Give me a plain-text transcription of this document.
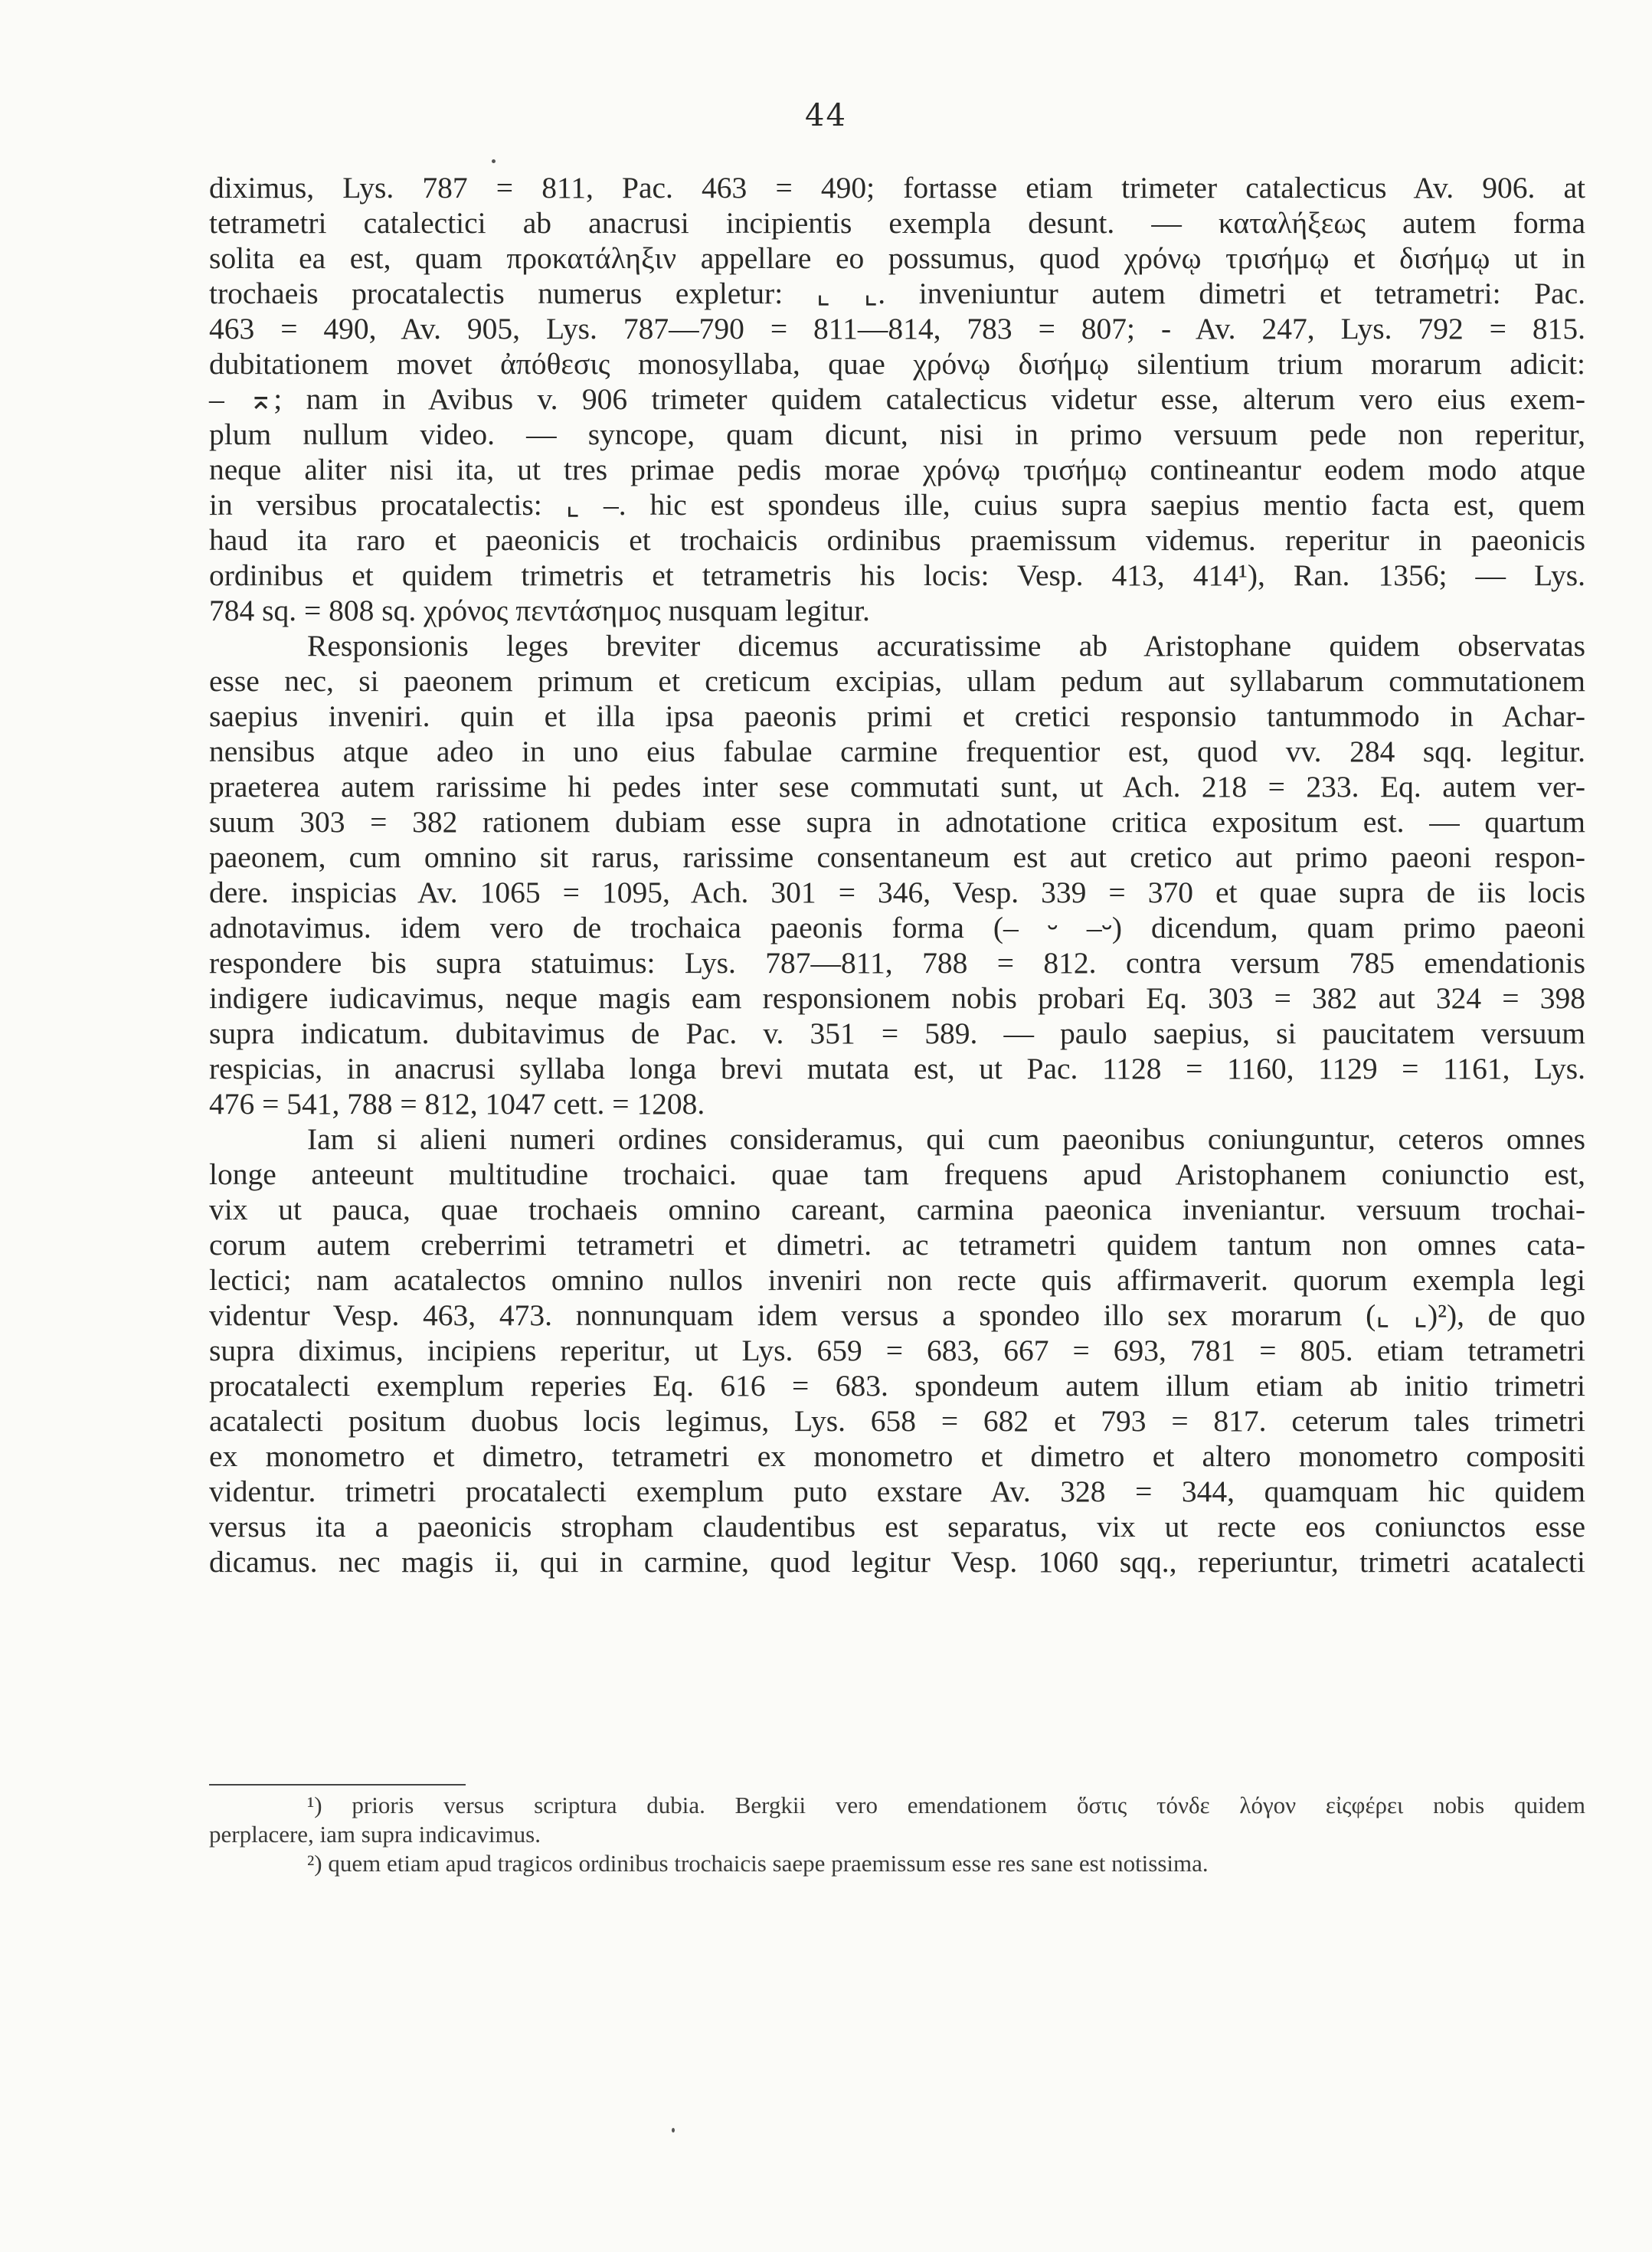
44
diximus, Lys. 787 = 811, Pac. 463 = 490; fortasse etiam trimeter catalecticus Av. 906. at
tetrametri catalectici ab anacrusi incipientis exempla desunt. — καταλήξεως autem forma
solita ea est, quam προκατάληξιν appellare eo possumus, quod χρόνῳ τρισήμῳ et δισήμῳ ut in
trochaeis procatalectis numerus expletur: ⌞ ⌞. inveniuntur autem dimetri et tetrametri: Pac.
463 = 490, Av. 905, Lys. 787—790 = 811—814, 783 = 807; - Av. 247, Lys. 792 = 815.
dubitationem movet ἀπόθεσις monosyllaba, quae χρόνῳ δισήμῳ silentium trium morarum adicit:
– ⌅; nam in Avibus v. 906 trimeter quidem catalecticus videtur esse, alterum vero eius exem-
plum nullum video. — syncope, quam dicunt, nisi in primo versuum pede non reperitur,
neque aliter nisi ita, ut tres primae pedis morae χρόνῳ τρισήμῳ contineantur eodem modo atque
in versibus procatalectis: ⌞ –. hic est spondeus ille, cuius supra saepius mentio facta est, quem
haud ita raro et paeonicis et trochaicis ordinibus praemissum videmus. reperitur in paeonicis
ordinibus et quidem trimetris et tetrametris his locis: Vesp. 413, 414¹), Ran. 1356; — Lys.
784 sq. = 808 sq. χρόνος πεντάσημος nusquam legitur.
Responsionis leges breviter dicemus accuratissime ab Aristophane quidem observatas
esse nec, si paeonem primum et creticum excipias, ullam pedum aut syllabarum commutationem
saepius inveniri. quin et illa ipsa paeonis primi et cretici responsio tantummodo in Achar-
nensibus atque adeo in uno eius fabulae carmine frequentior est, quod vv. 284 sqq. legitur.
praeterea autem rarissime hi pedes inter sese commutati sunt, ut Ach. 218 = 233. Eq. autem ver-
suum 303 = 382 rationem dubiam esse supra in adnotatione critica expositum est. — quartum
paeonem, cum omnino sit rarus, rarissime consentaneum est aut cretico aut primo paeoni respon-
dere. inspicias Av. 1065 = 1095, Ach. 301 = 346, Vesp. 339 = 370 et quae supra de iis locis
adnotavimus. idem vero de trochaica paeonis forma (– ⏑ –⏑) dicendum, quam primo paeoni
respondere bis supra statuimus: Lys. 787—811, 788 = 812. contra versum 785 emendationis
indigere iudicavimus, neque magis eam responsionem nobis probari Eq. 303 = 382 aut 324 = 398
supra indicatum. dubitavimus de Pac. v. 351 = 589. — paulo saepius, si paucitatem versuum
respicias, in anacrusi syllaba longa brevi mutata est, ut Pac. 1128 = 1160, 1129 = 1161, Lys.
476 = 541, 788 = 812, 1047 cett. = 1208.
Iam si alieni numeri ordines consideramus, qui cum paeonibus coniunguntur, ceteros omnes
longe anteeunt multitudine trochaici. quae tam frequens apud Aristophanem coniunctio est,
vix ut pauca, quae trochaeis omnino careant, carmina paeonica inveniantur. versuum trochai-
corum autem creberrimi tetrametri et dimetri. ac tetrametri quidem tantum non omnes cata-
lectici; nam acatalectos omnino nullos inveniri non recte quis affirmaverit. quorum exempla legi
videntur Vesp. 463, 473. nonnunquam idem versus a spondeo illo sex morarum (⌞ ⌞)²), de quo
supra diximus, incipiens reperitur, ut Lys. 659 = 683, 667 = 693, 781 = 805. etiam tetrametri
procatalecti exemplum reperies Eq. 616 = 683. spondeum autem illum etiam ab initio trimetri
acatalecti positum duobus locis legimus, Lys. 658 = 682 et 793 = 817. ceterum tales trimetri
ex monometro et dimetro, tetrametri ex monometro et dimetro et altero monometro compositi
videntur. trimetri procatalecti exemplum puto exstare Av. 328 = 344, quamquam hic quidem
versus ita a paeonicis stropham claudentibus est separatus, vix ut recte eos coniunctos esse
dicamus. nec magis ii, qui in carmine, quod legitur Vesp. 1060 sqq., reperiuntur, trimetri acatalecti
¹) prioris versus scriptura dubia. Bergkii vero emendationem ὅστις τόνδε λόγον εἰςφέρει nobis quidem
perplacere, iam supra indicavimus.
²) quem etiam apud tragicos ordinibus trochaicis saepe praemissum esse res sane est notissima.
